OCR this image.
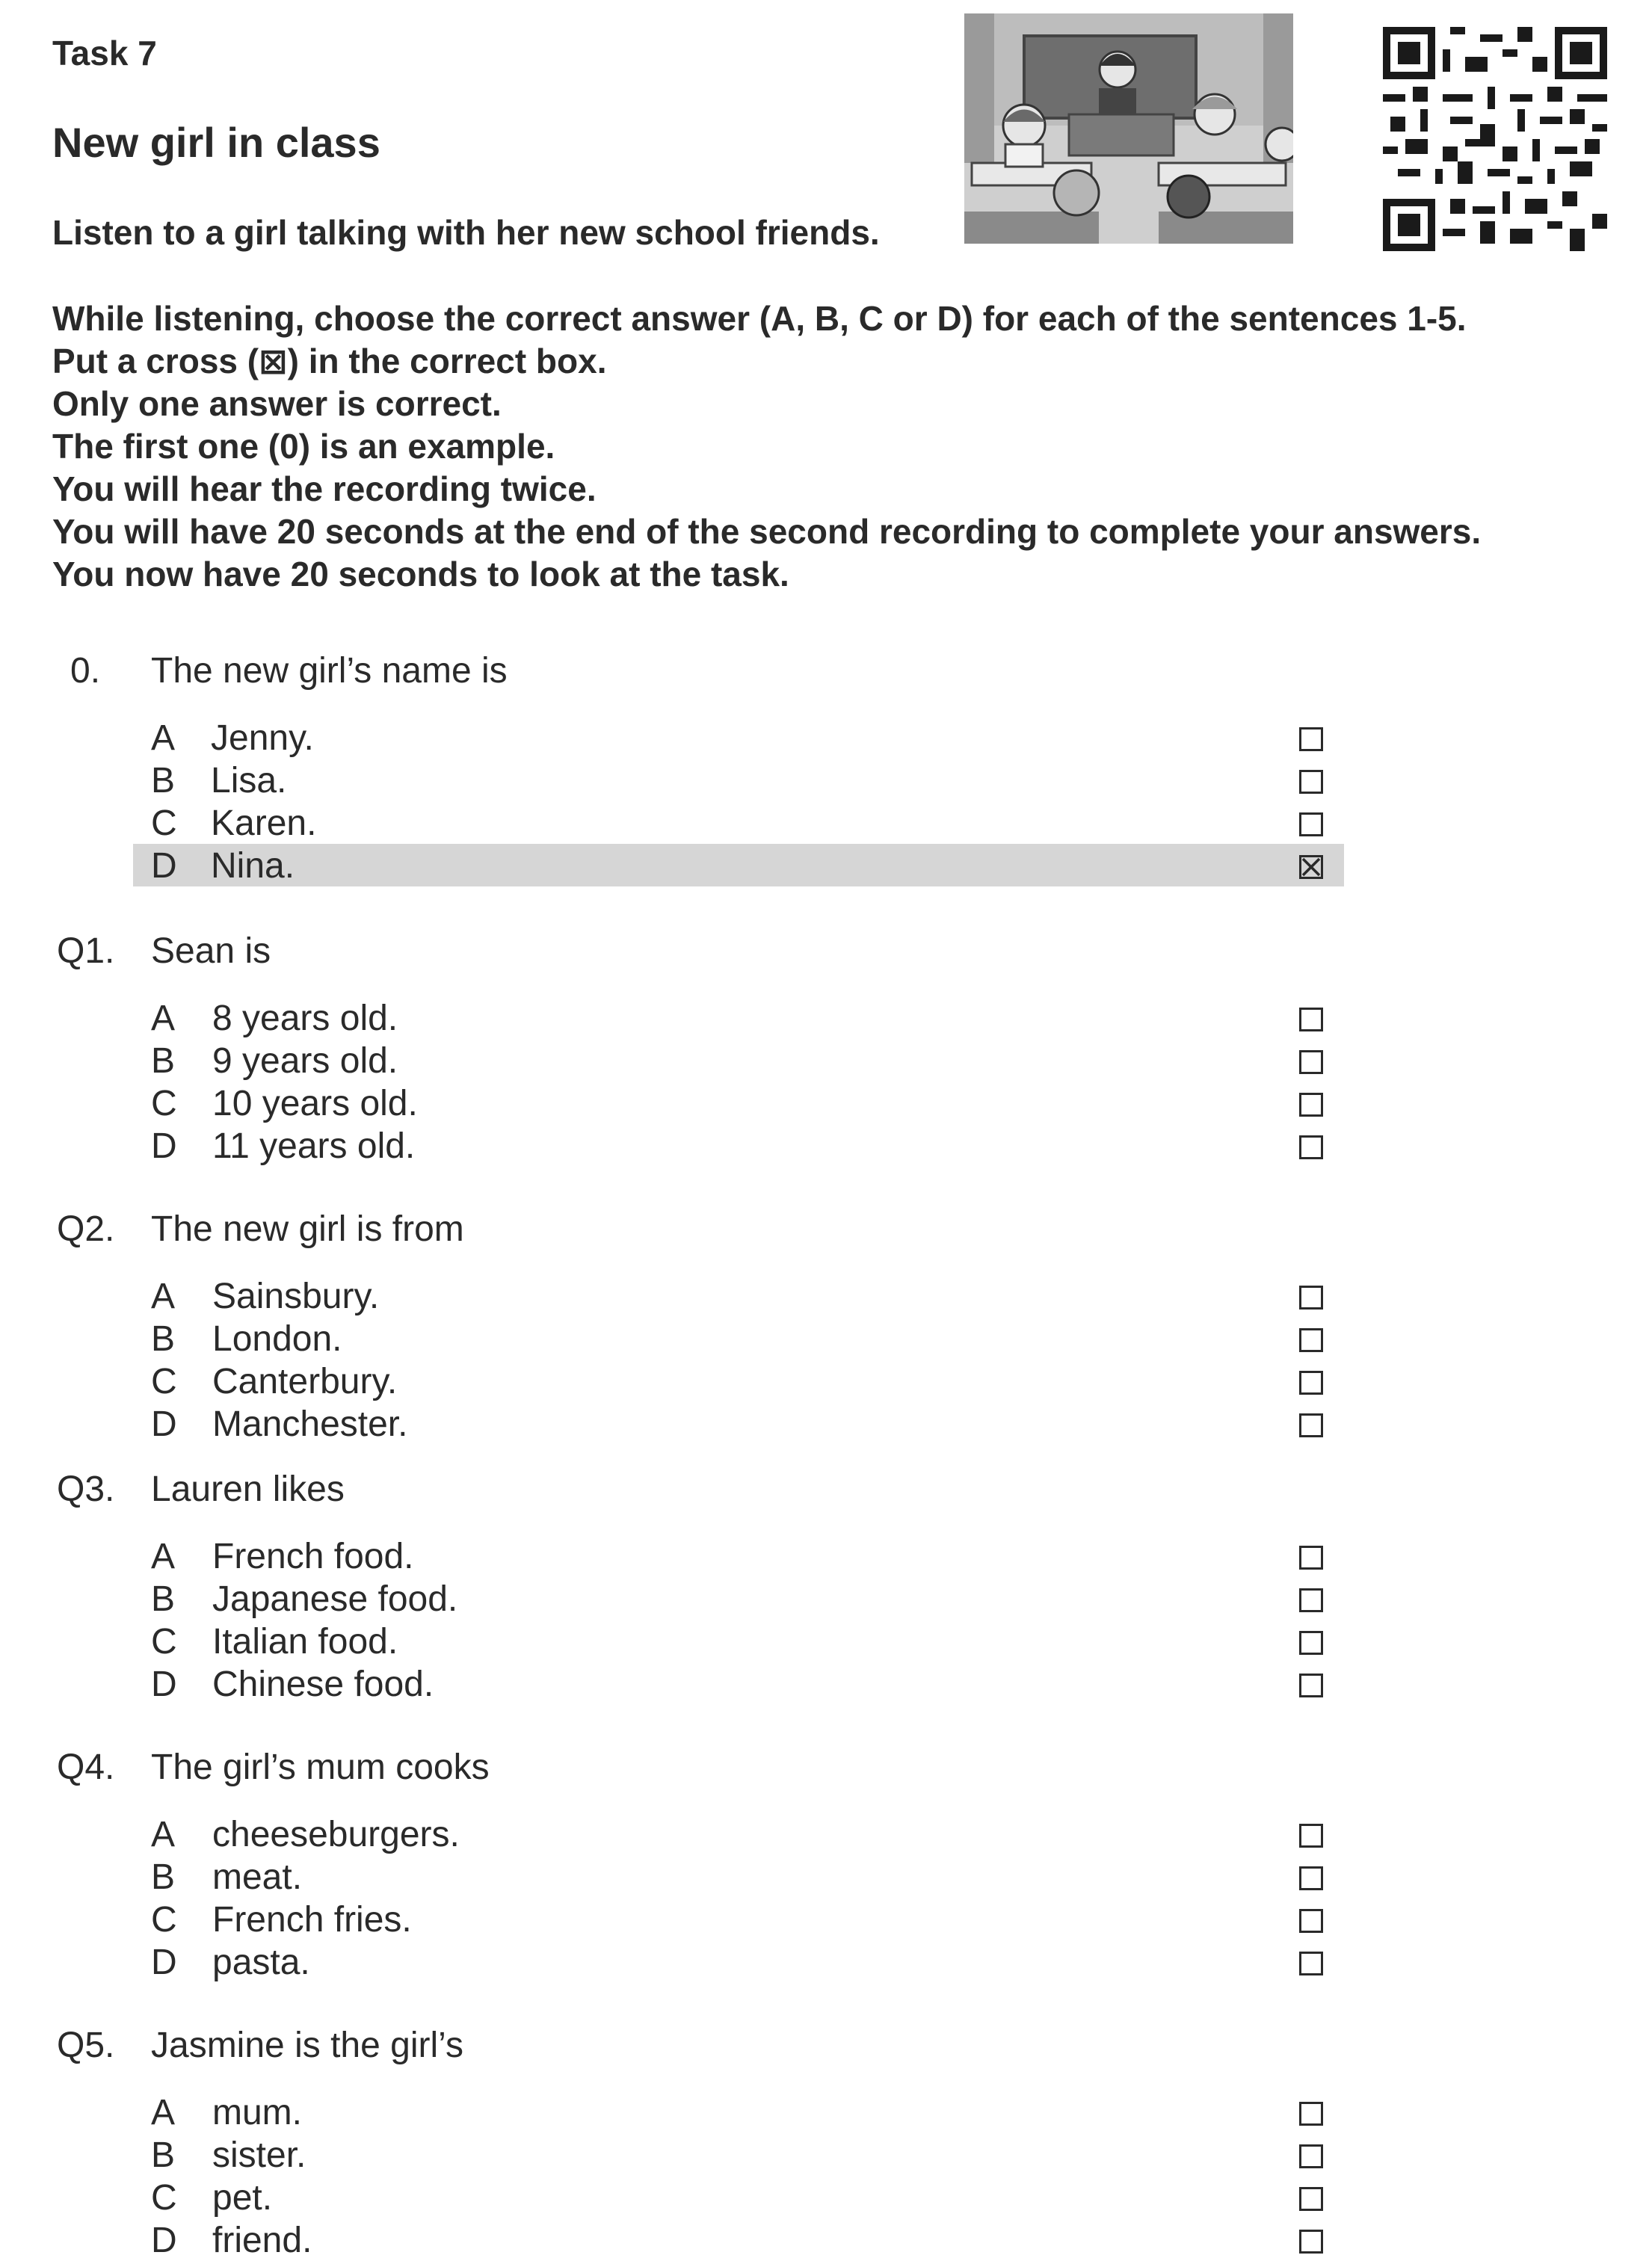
Task 7
New girl in class
Listen to a girl talking with her new school friends.
While listening, choose the correct answer (A, B, C or D) for each of the sentences 1-5.
Put a cross (⊠) in the correct box.
Only one answer is correct.
The first one (0) is an example.
You will hear the recording twice.
You will have 20 seconds at the end of the second recording to complete your answers.
You now have 20 seconds to look at the task.
0. The new girl’s name is
A Jenny.
B Lisa.
C Karen.
D Nina.
Q1. Sean is
A 8 years old.
B 9 years old.
C 10 years old.
D 11 years old.
Q2. The new girl is from
A Sainsbury.
B London.
C Canterbury.
D Manchester.
Q3. Lauren likes
A French food.
B Japanese food.
C Italian food.
D Chinese food.
Q4. The girl’s mum cooks
A cheeseburgers.
B meat.
C French fries.
D pasta.
Q5. Jasmine is the girl’s
A mum.
B sister.
C pet.
D friend.
